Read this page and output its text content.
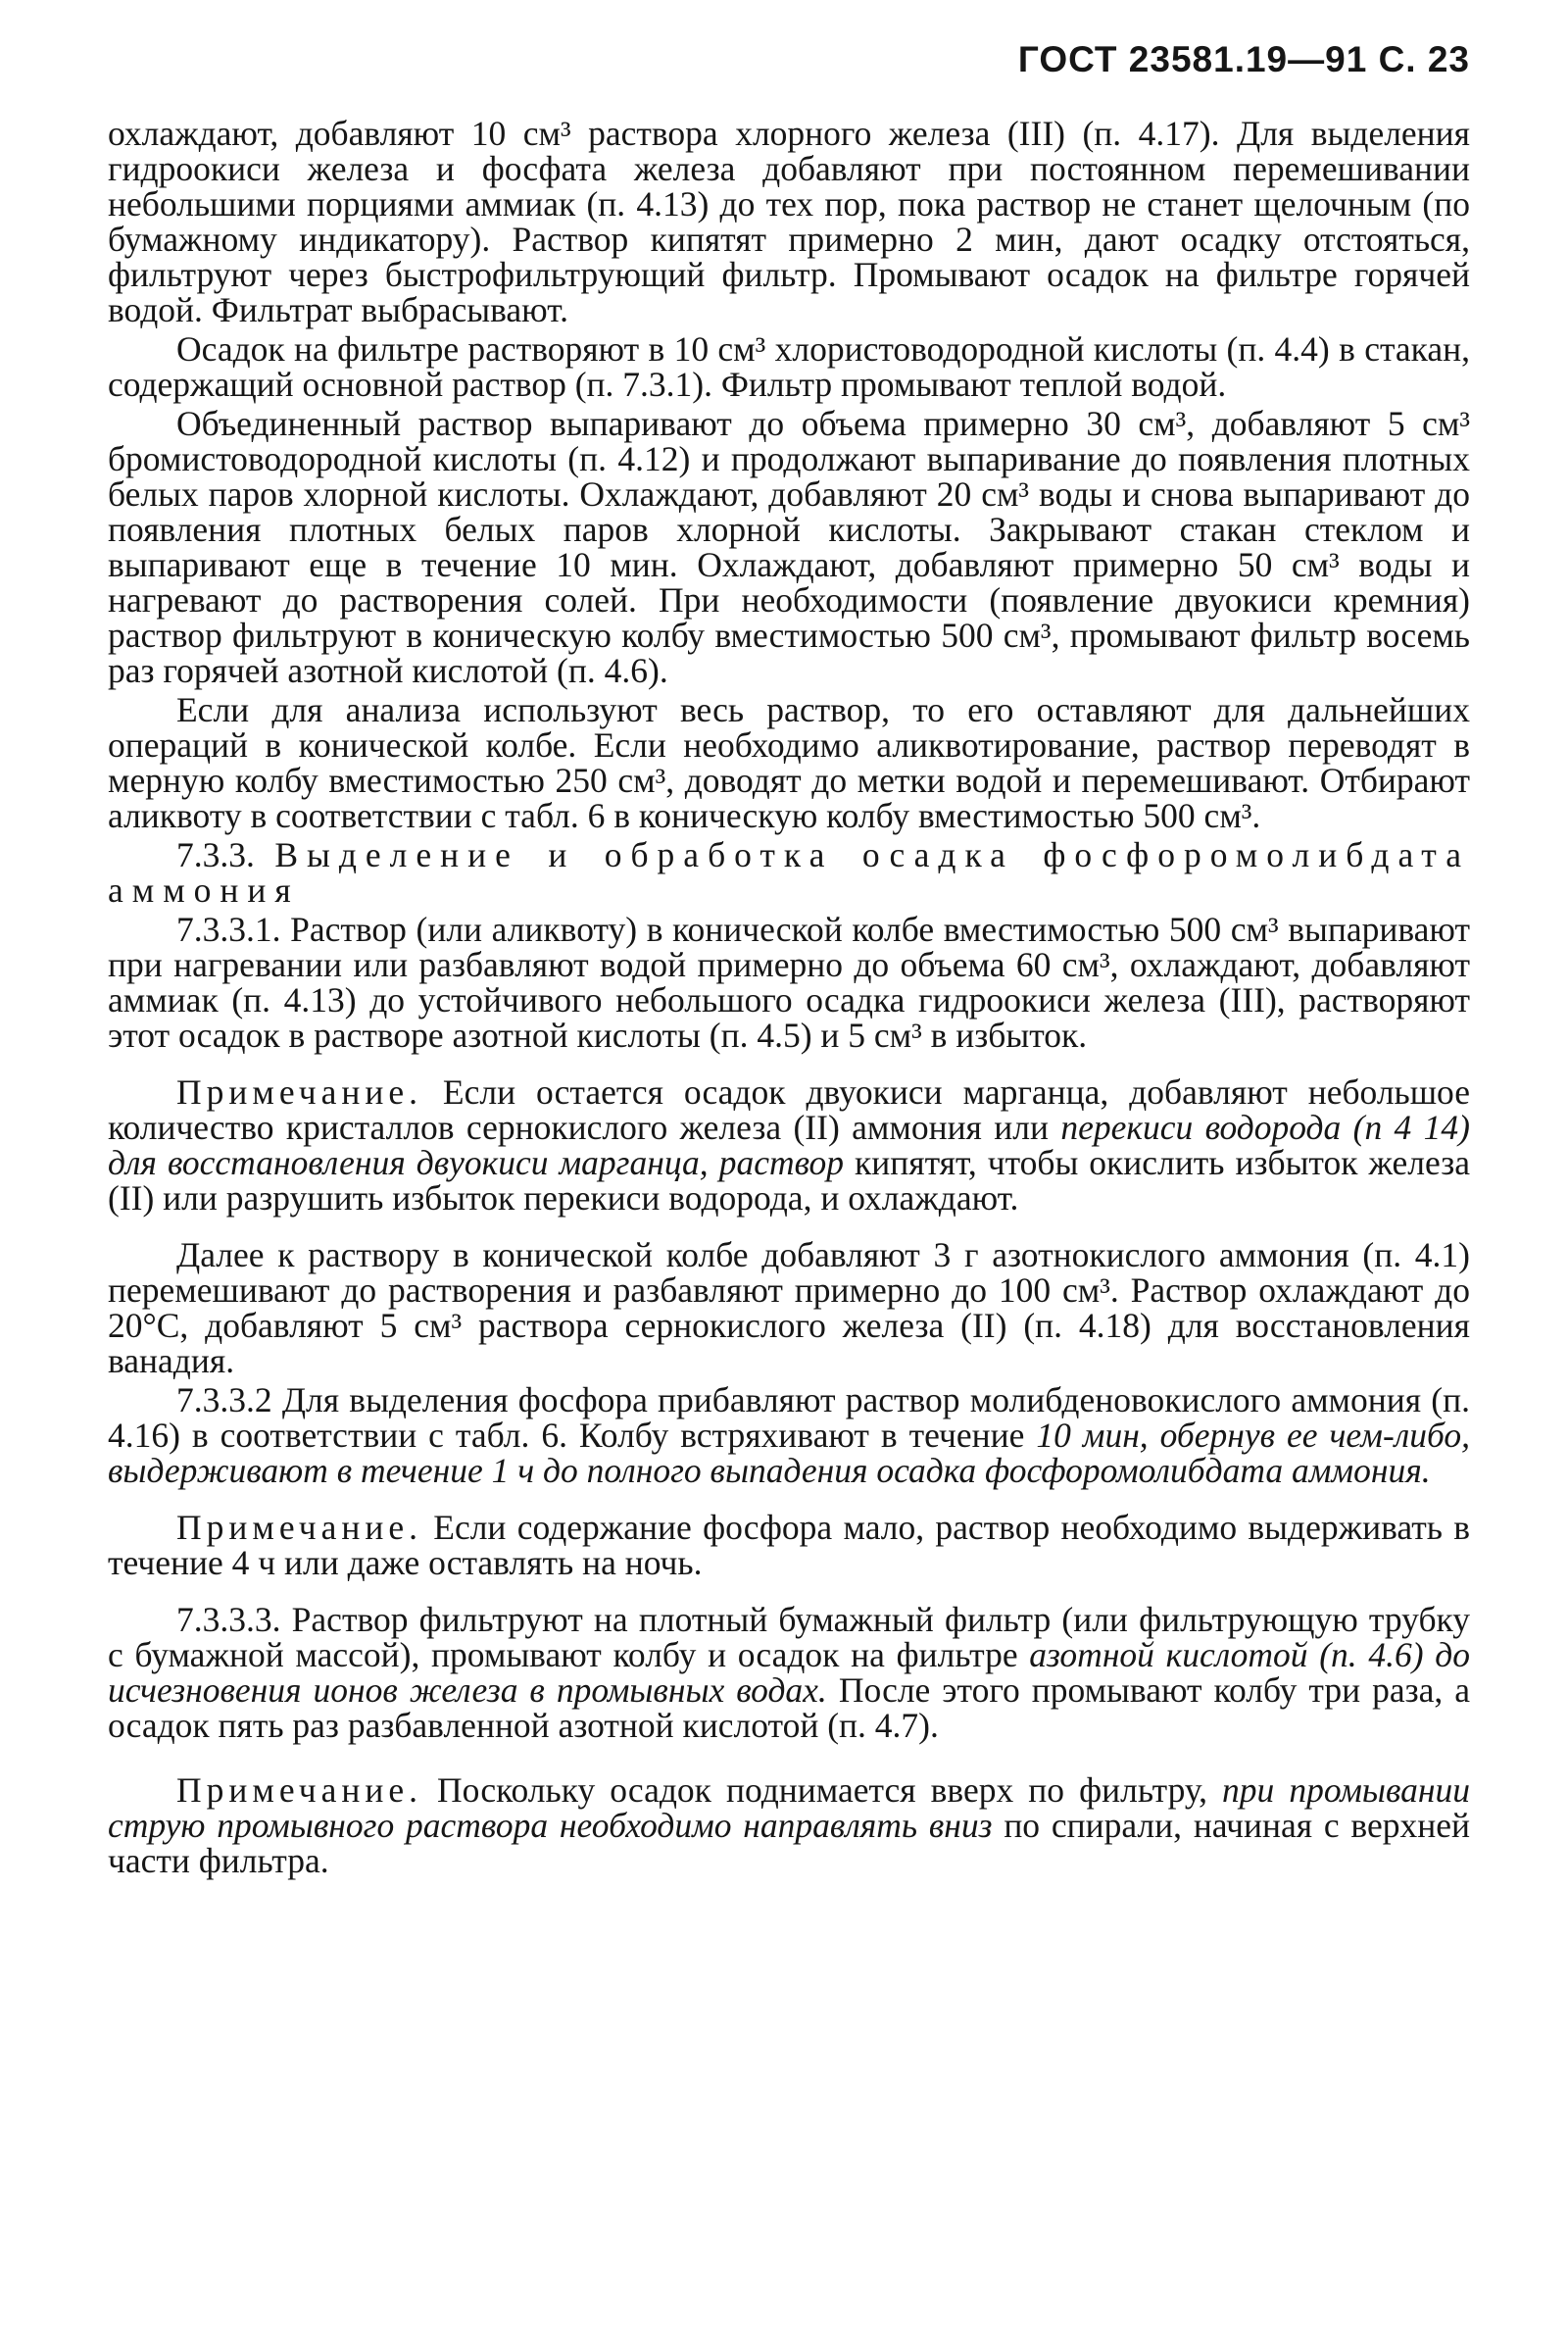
ГОСТ 23581.19—91 С. 23

охлаждают, добавляют 10 см³ раствора хлорного железа (III) (п. 4.17). Для выделения гидроокиси железа и фосфата железа добавляют при постоянном перемешивании небольшими порциями аммиак (п. 4.13) до тех пор, пока раствор не станет щелочным (по бумажному индикатору). Раствор кипятят примерно 2 мин, дают осадку отстояться, фильтруют через быстрофильтрующий фильтр. Промывают осадок на фильтре горячей водой. Фильтрат выбрасывают.

Осадок на фильтре растворяют в 10 см³ хлористоводородной кислоты (п. 4.4) в стакан, содержащий основной раствор (п. 7.3.1). Фильтр промывают теплой водой.

Объединенный раствор выпаривают до объема примерно 30 см³, добавляют 5 см³ бромистоводородной кислоты (п. 4.12) и продолжают выпаривание до появления плотных белых паров хлорной кислоты. Охлаждают, добавляют 20 см³ воды и снова выпаривают до появления плотных белых паров хлорной кислоты. Закрывают стакан стеклом и выпаривают еще в течение 10 мин. Охлаждают, добавляют примерно 50 см³ воды и нагревают до растворения солей. При необходимости (появление двуокиси кремния) раствор фильтруют в коническую колбу вместимостью 500 см³, промывают фильтр восемь раз горячей азотной кислотой (п. 4.6).

Если для анализа используют весь раствор, то его оставляют для дальнейших операций в конической колбе. Если необходимо аликвотирование, раствор переводят в мерную колбу вместимостью 250 см³, доводят до метки водой и перемешивают. Отбирают аликвоту в соответствии с табл. 6 в коническую колбу вместимостью 500 см³.

7.3.3. Выделение и обработка осадка фосфоромолибдата аммония

7.3.3.1. Раствор (или аликвоту) в конической колбе вместимостью 500 см³ выпаривают при нагревании или разбавляют водой примерно до объема 60 см³, охлаждают, добавляют аммиак (п. 4.13) до устойчивого небольшого осадка гидроокиси железа (III), растворяют этот осадок в растворе азотной кислоты (п. 4.5) и 5 см³ в избыток.

Примечание. Если остается осадок двуокиси марганца, добавляют небольшое количество кристаллов сернокислого железа (II) аммония или перекиси водорода (п 4 14) для восстановления двуокиси марганца, раствор кипятят, чтобы окислить избыток железа (II) или разрушить избыток перекиси водорода, и охлаждают.

Далее к раствору в конической колбе добавляют 3 г азотнокислого аммония (п. 4.1) перемешивают до растворения и разбавляют примерно до 100 см³. Раствор охлаждают до 20°С, добавляют 5 см³ раствора сернокислого железа (II) (п. 4.18) для восстановления ванадия.

7.3.3.2 Для выделения фосфора прибавляют раствор молибденовокислого аммония (п. 4.16) в соответствии с табл. 6. Колбу встряхивают в течение 10 мин, обернув ее чем-либо, выдерживают в течение 1 ч до полного выпадения осадка фосфоромолибдата аммония.

Примечание. Если содержание фосфора мало, раствор необходимо выдерживать в течение 4 ч или даже оставлять на ночь.

7.3.3.3. Раствор фильтруют на плотный бумажный фильтр (или фильтрующую трубку с бумажной массой), промывают колбу и осадок на фильтре азотной кислотой (п. 4.6) до исчезновения ионов железа в промывных водах. После этого промывают колбу три раза, а осадок пять раз разбавленной азотной кислотой (п. 4.7).

Примечание. Поскольку осадок поднимается вверх по фильтру, при промывании струю промывного раствора необходимо направлять вниз по спирали, начиная с верхней части фильтра.
